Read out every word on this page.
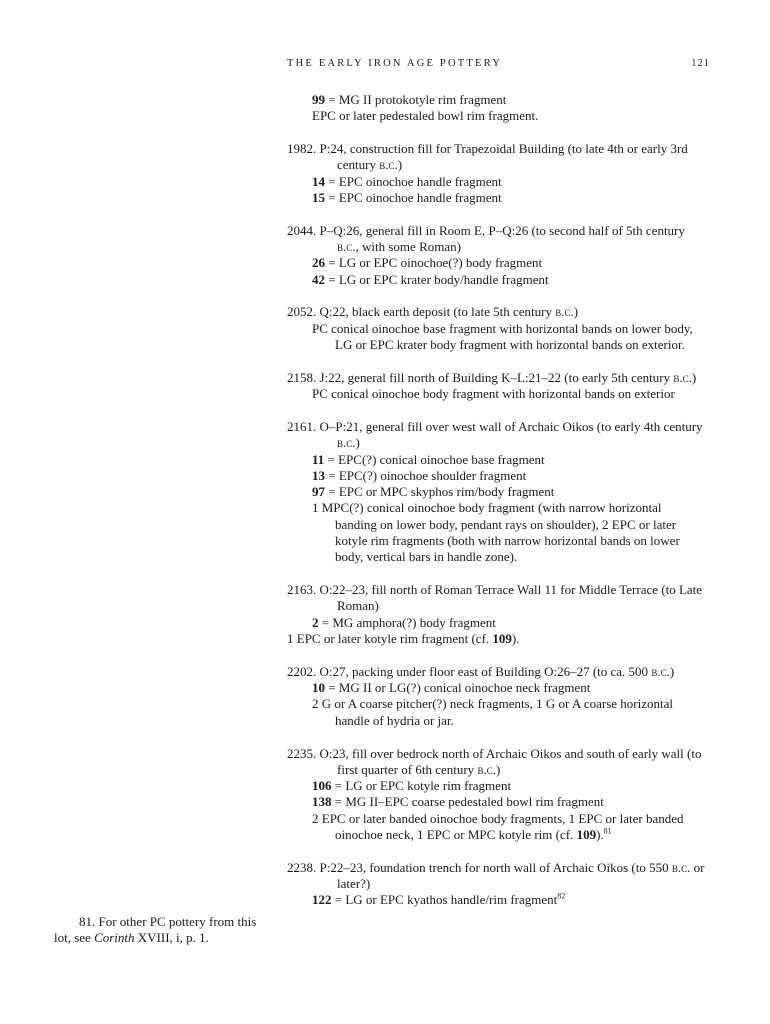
THE EARLY IRON AGE POTTERY	121
99 = MG II protokotyle rim fragment
EPC or later pedestaled bowl rim fragment.
1982. P:24, construction fill for Trapezoidal Building (to late 4th or early 3rd century b.c.)
14 = EPC oinochoe handle fragment
15 = EPC oinochoe handle fragment
2044. P–Q:26, general fill in Room E, P–Q:26 (to second half of 5th century b.c., with some Roman)
26 = LG or EPC oinochoe(?) body fragment
42 = LG or EPC krater body/handle fragment
2052. Q:22, black earth deposit (to late 5th century b.c.)
PC conical oinochoe base fragment with horizontal bands on lower body, LG or EPC krater body fragment with horizontal bands on exterior.
2158. J:22, general fill north of Building K–L:21–22 (to early 5th century b.c.)
PC conical oinochoe body fragment with horizontal bands on exterior
2161. O–P:21, general fill over west wall of Archaic Oikos (to early 4th century b.c.)
11 = EPC(?) conical oinochoe base fragment
13 = EPC(?) oinochoe shoulder fragment
97 = EPC or MPC skyphos rim/body fragment
1 MPC(?) conical oinochoe body fragment (with narrow horizontal banding on lower body, pendant rays on shoulder), 2 EPC or later kotyle rim fragments (both with narrow horizontal bands on lower body, vertical bars in handle zone).
2163. O:22–23, fill north of Roman Terrace Wall 11 for Middle Terrace (to Late Roman)
2 = MG amphora(?) body fragment
1 EPC or later kotyle rim fragment (cf. 109).
2202. O:27, packing under floor east of Building O:26–27 (to ca. 500 b.c.)
10 = MG II or LG(?) conical oinochoe neck fragment
2 G or A coarse pitcher(?) neck fragments, 1 G or A coarse horizontal handle of hydria or jar.
2235. O:23, fill over bedrock north of Archaic Oikos and south of early wall (to first quarter of 6th century b.c.)
106 = LG or EPC kotyle rim fragment
138 = MG II–EPC coarse pedestaled bowl rim fragment
2 EPC or later banded oinochoe body fragments, 1 EPC or later banded oinochoe neck, 1 EPC or MPC kotyle rim (cf. 109).$^{81}$
2238. P:22–23, foundation trench for north wall of Archaic Oikos (to 550 b.c. or later?)
122 = LG or EPC kyathos handle/rim fragment$^{82}$
81. For other PC pottery from this lot, see Corinth XVIII, i, p. 1.
